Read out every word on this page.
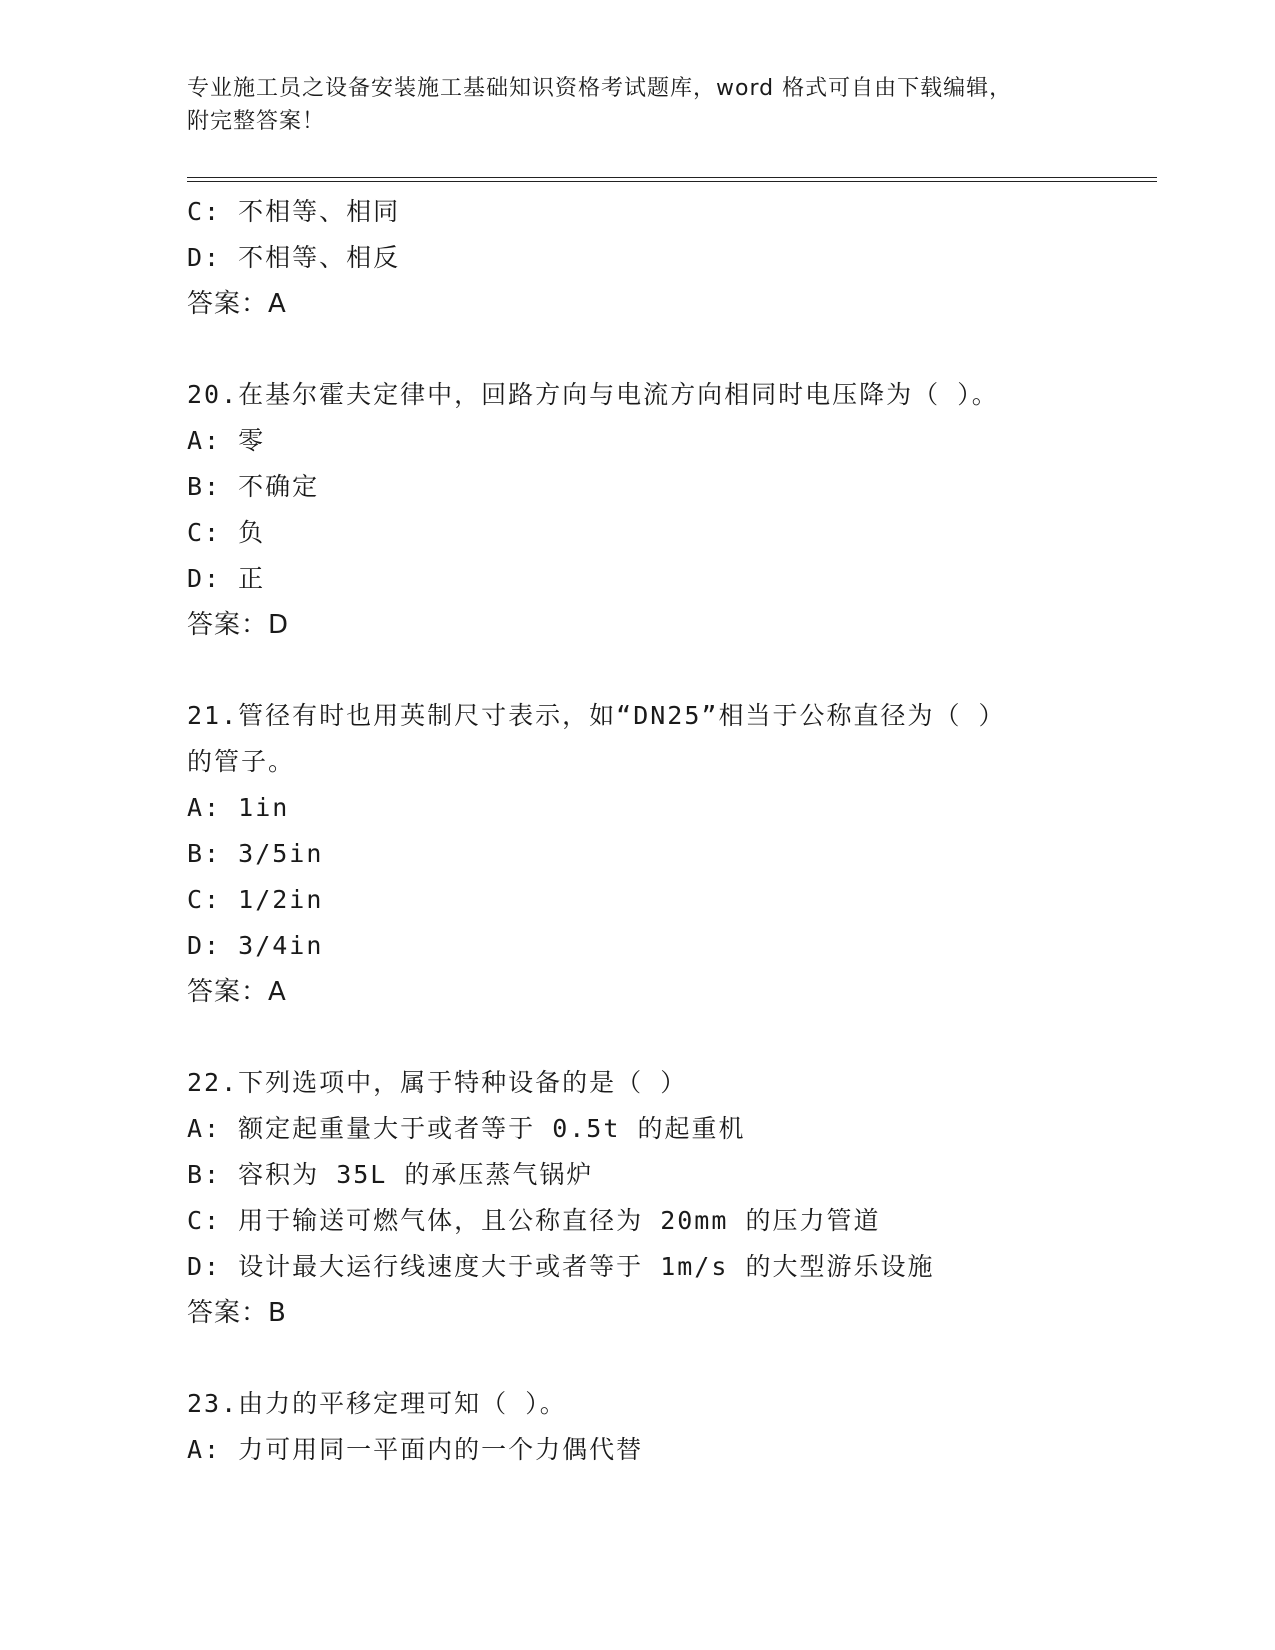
专业施工员之设备安装施工基础知识资格考试题库，word 格式可自由下载编辑，
附完整答案！
C: 不相等、相同
D: 不相等、相反
答案：A
20.在基尔霍夫定律中，回路方向与电流方向相同时电压降为（ ）。
A: 零
B: 不确定
C: 负
D: 正
答案：D
21.管径有时也用英制尺寸表示，如“DN25”相当于公称直径为（ ）
的管子。
A: 1in
B: 3/5in
C: 1/2in
D: 3/4in
答案：A
22.下列选项中，属于特种设备的是（ ）
A: 额定起重量大于或者等于 0.5t 的起重机
B: 容积为 35L 的承压蒸气锅炉
C: 用于输送可燃气体，且公称直径为 20mm 的压力管道
D: 设计最大运行线速度大于或者等于 1m/s 的大型游乐设施
答案：B
23.由力的平移定理可知（ ）。
A: 力可用同一平面内的一个力偶代替
